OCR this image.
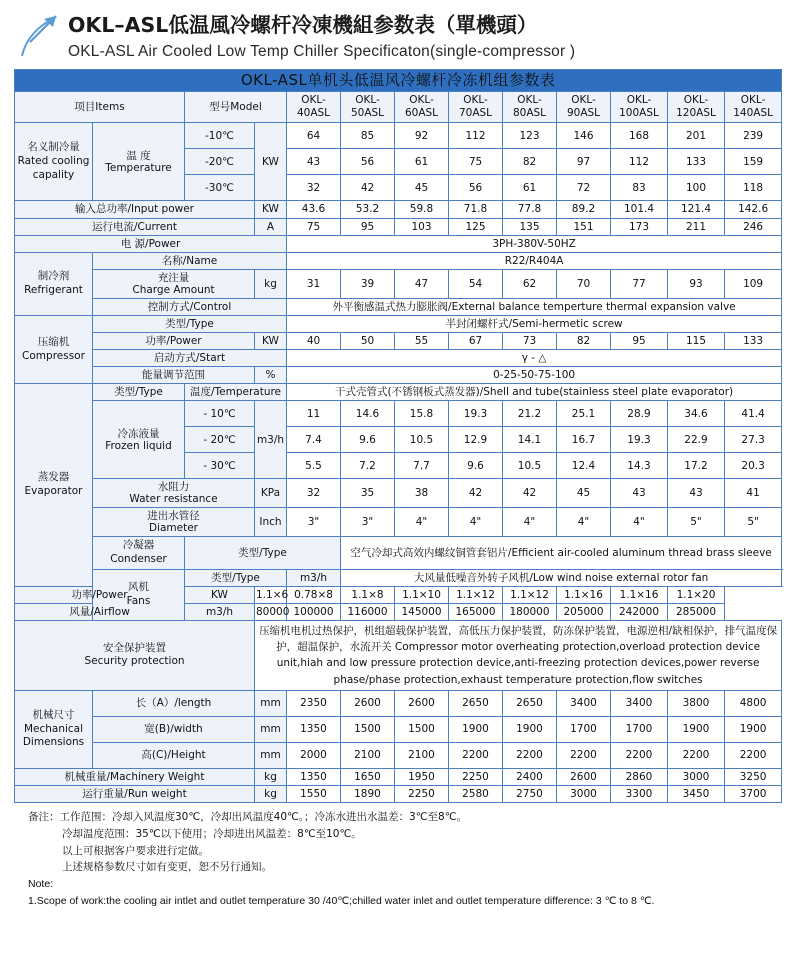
OKL–ASL低温風冷螺杆冷凍機組参数表（單機頭）
OKL-ASL Air Cooled Low Temp Chiller Specificaton(single-compressor )
OKL-ASL单机头低温风冷螺杆冷冻机组参数表												
项目Items		型号Model		OKL-40ASL	OKL-50ASL	OKL-60ASL	OKL-70ASL	OKL-80ASL	OKL-90ASL	OKL-100ASL	OKL-120ASL	OKL-140ASL
名义制冷量
Rated cooling capality	温 度
Temperature	-10℃	KW	64	85	92	112	123	146	168	201	239
		-20℃		43	56	61	75	82	97	112	133	159
		-30℃		32	42	45	56	61	72	83	100	118
输入总功率/Input power			KW	43.6	53.2	59.8	71.8	77.8	89.2	101.4	121.4	142.6
运行电流/Current			A	75	95	103	125	135	151	173	211	246
电 源/Power				3PH-380V-50HZ								
制冷剂
Refrigerant	名称/Name			R22/R404A								
	充注量
Charge Amount		kg	31	39	47	54	62	70	77	93	109
	控制方式/Control			外平衡感温式热力膨胀阀/External balance temperture thermal expansion valve								
压缩机
Compressor	类型/Type			半封闭螺杆式/Semi-hermetic screw								
	功率/Power		KW	40	50	55	67	73	82	95	115	133
	启动方式/Start			γ - △								
	能量调节范围		%	0-25-50-75-100								
蒸发器
Evaporator	类型/Type	温度/Temperature		干式壳管式(不锈钢板式蒸发器)/Shell and tube(stainless steel plate evaporator)								
	冷冻液量
Frozen liquid	- 10℃	m3/h	11	14.6	15.8	19.3	21.2	25.1	28.9	34.6	41.4
		- 20℃		7.4	9.6	10.5	12.9	14.1	16.7	19.3	22.9	27.3
		- 30℃		5.5	7.2	7.7	9.6	10.5	12.4	14.3	17.2	20.3
	水阻力
Water resistance		KPa	32	35	38	42	42	45	43	43	41
	进出水管径
Diameter		Inch	3"	3"	4"	4"	4"	4"	4"	5"	5"
	冷凝器
Condenser	类型/Type			空气冷却式高效内螺纹铜管套铝片/Efficient air-cooled aluminum thread brass sleeve							
	风机
Fans	类型/Type		m3/h	大风量低噪音外转子风机/Low wind noise external rotor fan							
功率/Power		KW	1.1×6	0.78×8	1.1×8	1.1×10	1.1×12	1.1×12	1.1×16	1.1×16	1.1×20	
风量/Airflow		m3/h	80000	100000	116000	145000	165000	180000	205000	242000	285000	
安全保护装置
Security protection			压缩机电机过热保护，机组超载保护装置，高低压力保护装置，防冻保护装置，电源逆相/缺相保护，排气温度保护，超温保护，水流开关 Compressor motor overheating protection,overload protection device unit,hiah and low pressure protection device,anti-freezing protection devices,power reverse phase/phase protection,exhaust temperature protection,flow switches									
机械尺寸
Mechanical Dimensions	长（A）/length		mm	2350	2600	2600	2650	2650	3400	3400	3800	4800
	宽(B)/width		mm	1350	1500	1500	1900	1900	1700	1700	1900	1900
	高(C)/Height		mm	2000	2100	2100	2200	2200	2200	2200	2200	2200
机械重量/Machinery Weight			kg	1350	1650	1950	2250	2400	2600	2860	3000	3250
运行重量/Run weight			kg	1550	1890	2250	2580	2750	3000	3300	3450	3700
备注：工作范围：冷却入风温度30℃，冷却出风温度40℃。；冷冻水进出水温差：3℃至8℃。
冷却温度范围：35℃以下使用；冷却进出风温差：8℃至10℃。
以上可根据客户要求进行定做。
上述规格参数尺寸如有变更，恕不另行通知。
Note:
1.Scope of work:the cooling air intlet and outlet temperature 30 /40℃;chilled water inlet and outlet temperature difference: 3 ℃ to 8 ℃.
